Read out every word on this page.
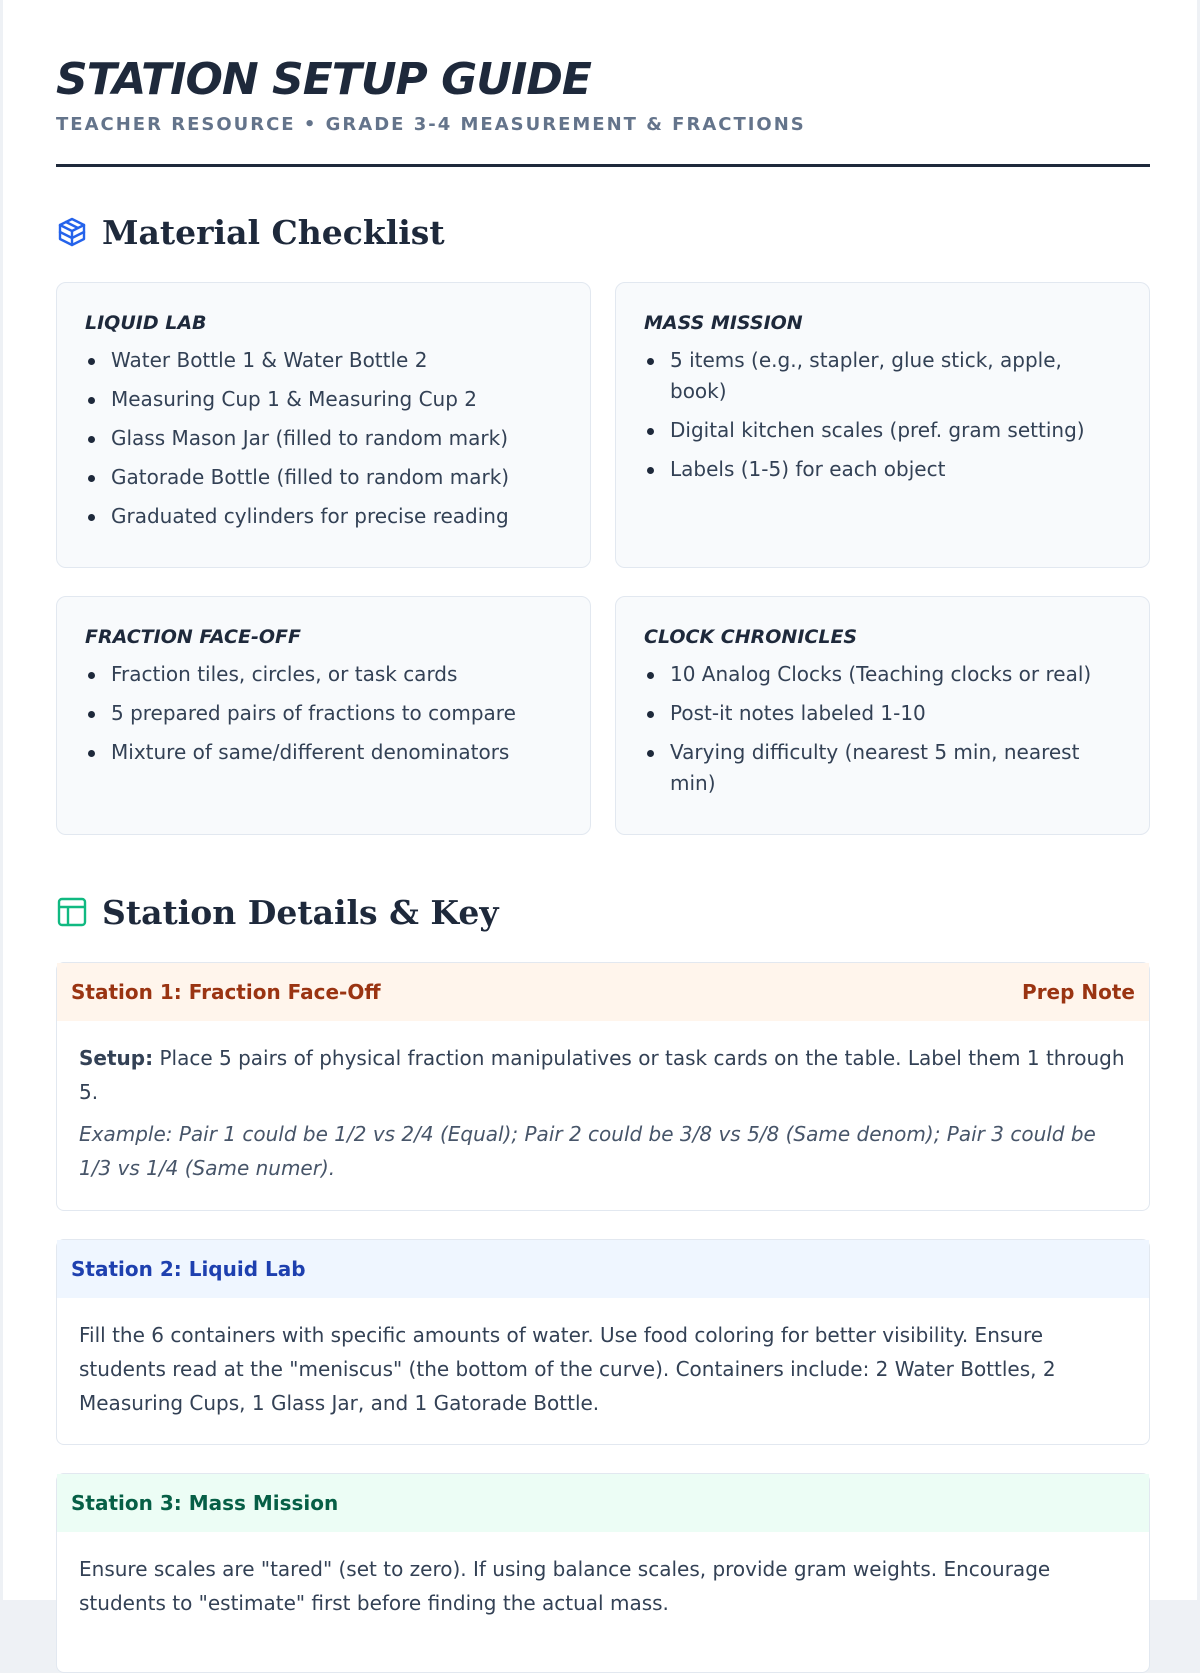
STATION SETUP GUIDE
TEACHER RESOURCE • GRADE 3-4 MEASUREMENT & FRACTIONS
Material Checklist
LIQUID LAB
Water Bottle 1 & Water Bottle 2
Measuring Cup 1 & Measuring Cup 2
Glass Mason Jar (filled to random mark)
Gatorade Bottle (filled to random mark)
Graduated cylinders for precise reading
MASS MISSION
5 items (e.g., stapler, glue stick, apple, book)
Digital kitchen scales (pref. gram setting)
Labels (1-5) for each object
FRACTION FACE-OFF
Fraction tiles, circles, or task cards
5 prepared pairs of fractions to compare
Mixture of same/different denominators
CLOCK CHRONICLES
10 Analog Clocks (Teaching clocks or real)
Post-it notes labeled 1-10
Varying difficulty (nearest 5 min, nearest min)
Station Details & Key
Station 1: Fraction Face-Off	Prep Note

Setup: Place 5 pairs of physical fraction manipulatives or task cards on the table. Label them 1 through 5.

Example: Pair 1 could be 1/2 vs 2/4 (Equal); Pair 2 could be 3/8 vs 5/8 (Same denom); Pair 3 could be 1/3 vs 1/4 (Same numer).

Station 2: Liquid Lab

Fill the 6 containers with specific amounts of water. Use food coloring for better visibility. Ensure students read at the "meniscus" (the bottom of the curve). Containers include: 2 Water Bottles, 2 Measuring Cups, 1 Glass Jar, and 1 Gatorade Bottle.

Station 3: Mass Mission

Ensure scales are "tared" (set to zero). If using balance scales, provide gram weights. Encourage students to "estimate" first before finding the actual mass.
